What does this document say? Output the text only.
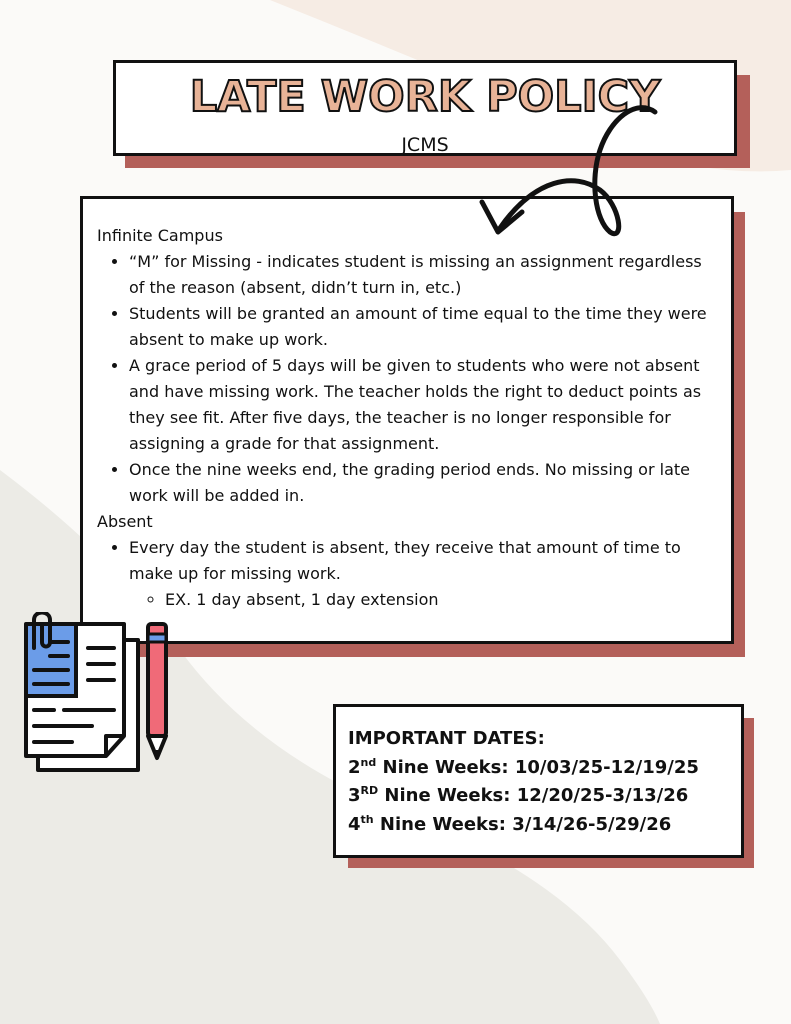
LATE WORK POLICY
JCMS
Infinite Campus
• “M” for Missing - indicates student is missing an assignment regardless of the reason (absent, didn’t turn in, etc.)
• Students will be granted an amount of time equal to the time they were absent to make up work.
• A grace period of 5 days will be given to students who were not absent and have missing work. The teacher holds the right to deduct points as they see fit. After five days, the teacher is no longer responsible for assigning a grade for that assignment.
• Once the nine weeks end, the grading period ends. No missing or late work will be added in.
Absent
• Every day the student is absent, they receive that amount of time to make up for missing work.
◦ EX. 1 day absent, 1 day extension
IMPORTANT DATES:
2nd Nine Weeks: 10/03/25-12/19/25
3RD Nine Weeks: 12/20/25-3/13/26
4th Nine Weeks: 3/14/26-5/29/26
